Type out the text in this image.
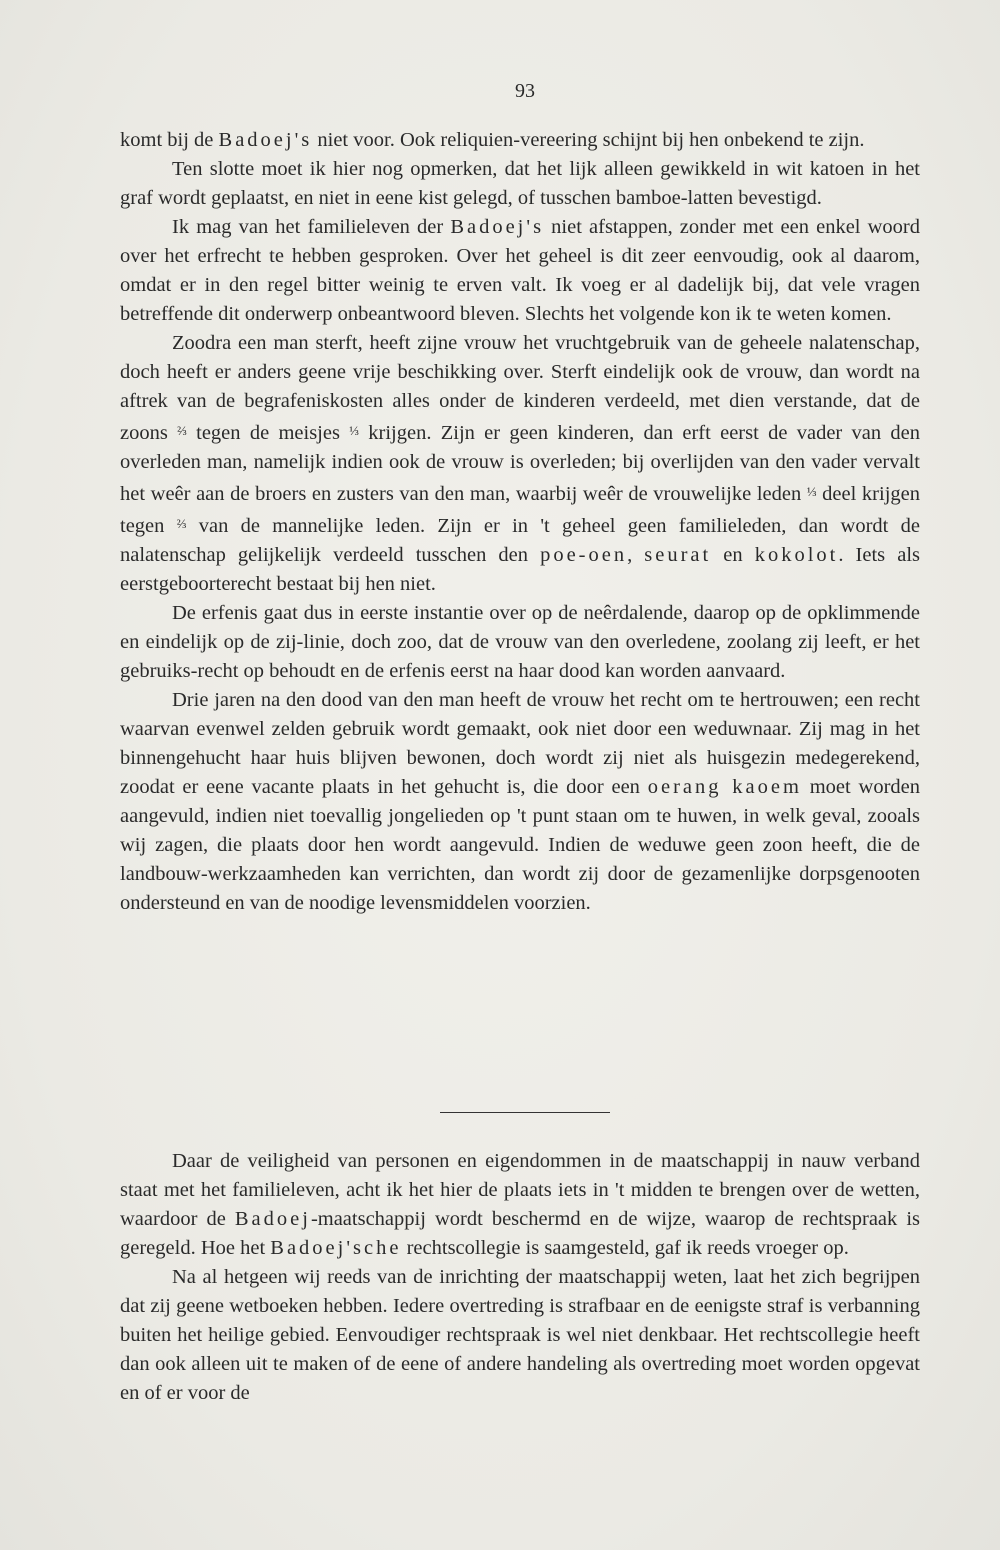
93

komt bij de Badoej's niet voor. Ook reliquien-vereering schijnt bij hen onbekend te zijn.

Ten slotte moet ik hier nog opmerken, dat het lijk alleen gewikkeld in wit katoen in het graf wordt geplaatst, en niet in eene kist gelegd, of tusschen bamboe-latten bevestigd.

Ik mag van het familieleven der Badoej's niet afstappen, zonder met een enkel woord over het erfrecht te hebben gesproken. Over het geheel is dit zeer eenvoudig, ook al daarom, omdat er in den regel bitter weinig te erven valt. Ik voeg er al dadelijk bij, dat vele vragen betreffende dit onderwerp onbeantwoord bleven. Slechts het volgende kon ik te weten komen.

Zoodra een man sterft, heeft zijne vrouw het vruchtgebruik van de geheele nalatenschap, doch heeft er anders geene vrije beschikking over. Sterft eindelijk ook de vrouw, dan wordt na aftrek van de begrafeniskosten alles onder de kinderen verdeeld, met dien verstande, dat de zoons ⅔ tegen de meisjes ⅓ krijgen. Zijn er geen kinderen, dan erft eerst de vader van den overleden man, namelijk indien ook de vrouw is overleden; bij overlijden van den vader vervalt het weêr aan de broers en zusters van den man, waarbij weêr de vrouwelijke leden ⅓ deel krijgen tegen ⅔ van de mannelijke leden. Zijn er in 't geheel geen familieleden, dan wordt de nalatenschap gelijkelijk verdeeld tusschen den poe-oen, seurat en kokolot. Iets als eerstgeboorterecht bestaat bij hen niet.

De erfenis gaat dus in eerste instantie over op de neêrdalende, daarop op de opklimmende en eindelijk op de zij-linie, doch zoo, dat de vrouw van den overledene, zoolang zij leeft, er het gebruiks-recht op behoudt en de erfenis eerst na haar dood kan worden aanvaard.

Drie jaren na den dood van den man heeft de vrouw het recht om te hertrouwen; een recht waarvan evenwel zelden gebruik wordt gemaakt, ook niet door een weduwnaar. Zij mag in het binnengehucht haar huis blijven bewonen, doch wordt zij niet als huisgezin medegerekend, zoodat er eene vacante plaats in het gehucht is, die door een oerang kaoem moet worden aangevuld, indien niet toevallig jongelieden op 't punt staan om te huwen, in welk geval, zooals wij zagen, die plaats door hen wordt aangevuld. Indien de weduwe geen zoon heeft, die de landbouw-werkzaamheden kan verrichten, dan wordt zij door de gezamenlijke dorpsgenooten ondersteund en van de noodige levensmiddelen voorzien.

Daar de veiligheid van personen en eigendommen in de maatschappij in nauw verband staat met het familieleven, acht ik het hier de plaats iets in 't midden te brengen over de wetten, waardoor de Badoej-maatschappij wordt beschermd en de wijze, waarop de rechtspraak is geregeld. Hoe het Badoej'sche rechtscollegie is saamgesteld, gaf ik reeds vroeger op.

Na al hetgeen wij reeds van de inrichting der maatschappij weten, laat het zich begrijpen dat zij geene wetboeken hebben. Iedere overtreding is strafbaar en de eenigste straf is verbanning buiten het heilige gebied. Eenvoudiger rechtspraak is wel niet denkbaar. Het rechtscollegie heeft dan ook alleen uit te maken of de eene of andere handeling als overtreding moet worden opgevat en of er voor de
